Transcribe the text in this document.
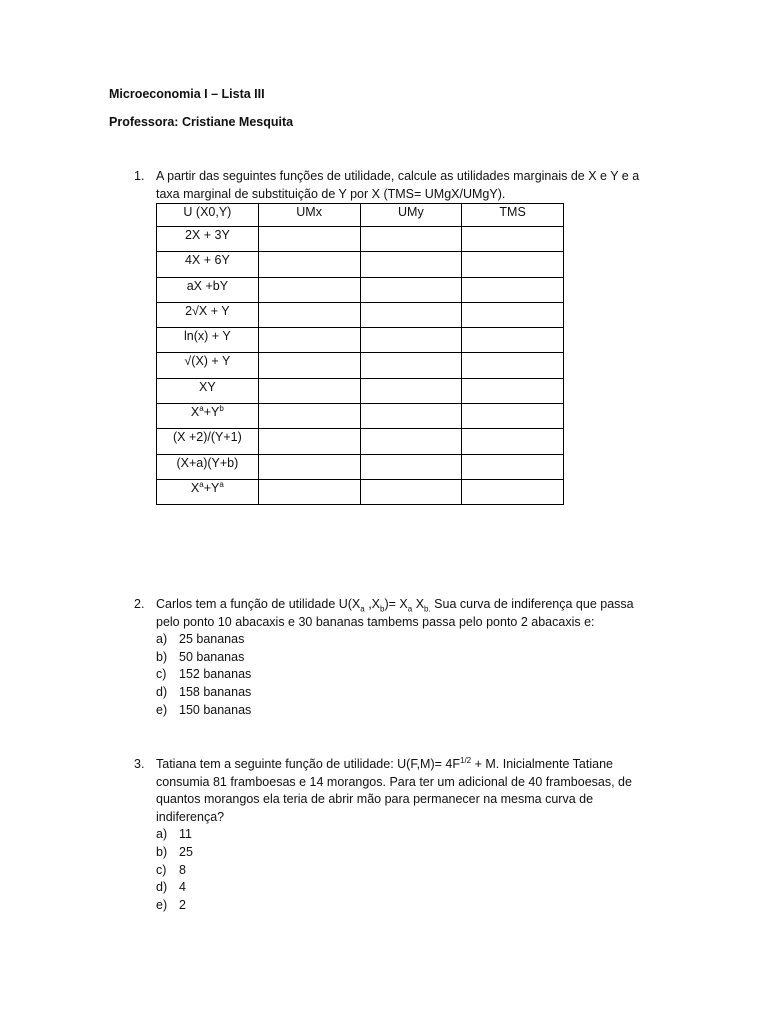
Microeconomia I – Lista III
Professora: Cristiane Mesquita
1. A partir das seguintes funções de utilidade, calcule as utilidades marginais de X e Y e a taxa marginal de substituição de Y por X (TMS= UMgX/UMgY).
U (X0,Y)	UMx	UMy	TMS
2X + 3Y			
4X + 6Y			
aX +bY			
2√X + Y			
ln(x) + Y			
√(X) + Y			
XY			
$X^a+Y^b$			
(X +2)/(Y+1)			
(X+a)(Y+b)			
$X^a+Y^a$			
2. Carlos tem a função de utilidade $U(X_a$ $,X_b)= X_a$ $X_{b.}$ Sua curva de indiferença que passa
pelo ponto 10 abacaxis e 30 bananas tambems passa pelo ponto 2 abacaxis e:
a) 25 bananas
b) 50 bananas
c) 152 bananas
d) 158 bananas
e) 150 bananas
3. Tatiana tem a seguinte função de utilidade: $U(F,M)= 4F^{1/2} + M$. Inicialmente Tatiane
consumia 81 framboesas e 14 morangos. Para ter um adicional de 40 framboesas, de quantos morangos ela teria de abrir mão para permanecer na mesma curva de indiferença?
a) 11
b) 25
c) 8
d) 4
e) 2
